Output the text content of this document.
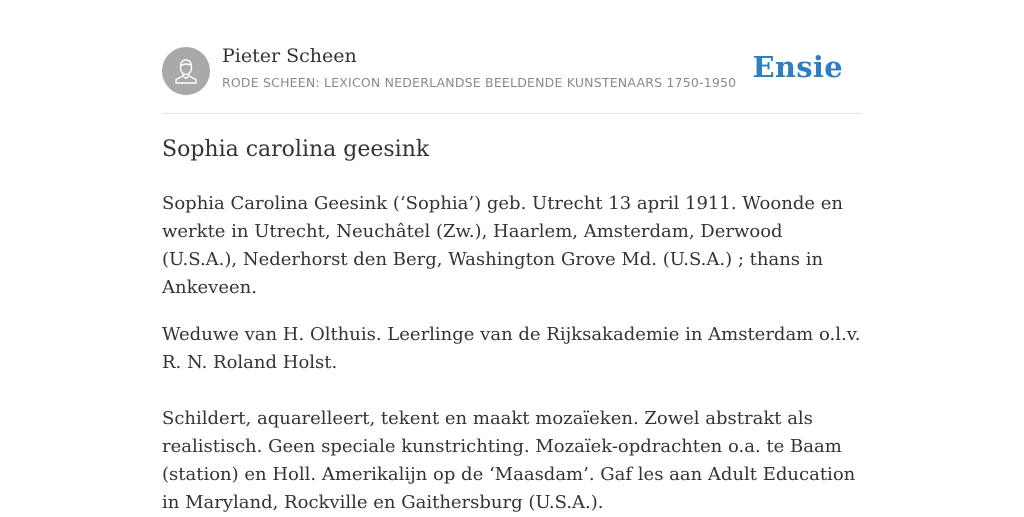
Pieter Scheen
RODE SCHEEN: LEXICON NEDERLANDSE BEELDENDE KUNSTENAARS 1750-1950 Ensie
Sophia carolina geesink

Sophia Carolina Geesink (‘Sophia’) geb. Utrecht 13 april 1911. Woonde en werkte in Utrecht, Neuchâtel (Zw.), Haarlem, Amsterdam, Derwood (U.S.A.), Nederhorst den Berg, Washington Grove Md. (U.S.A.) ; thans in Ankeveen.

Weduwe van H. Olthuis. Leerlinge van de Rijksakademie in Amsterdam o.l.v. R. N. Roland Holst.

Schildert, aquarelleert, tekent en maakt mozaïeken. Zowel abstrakt als realistisch. Geen speciale kunstrichting. Mozaïek-opdrachten o.a. te Baam (station) en Holl. Amerikalijn op de ‘Maasdam’. Gaf les aan Adult Education in Maryland, Rockville en Gaithersburg (U.S.A.).
